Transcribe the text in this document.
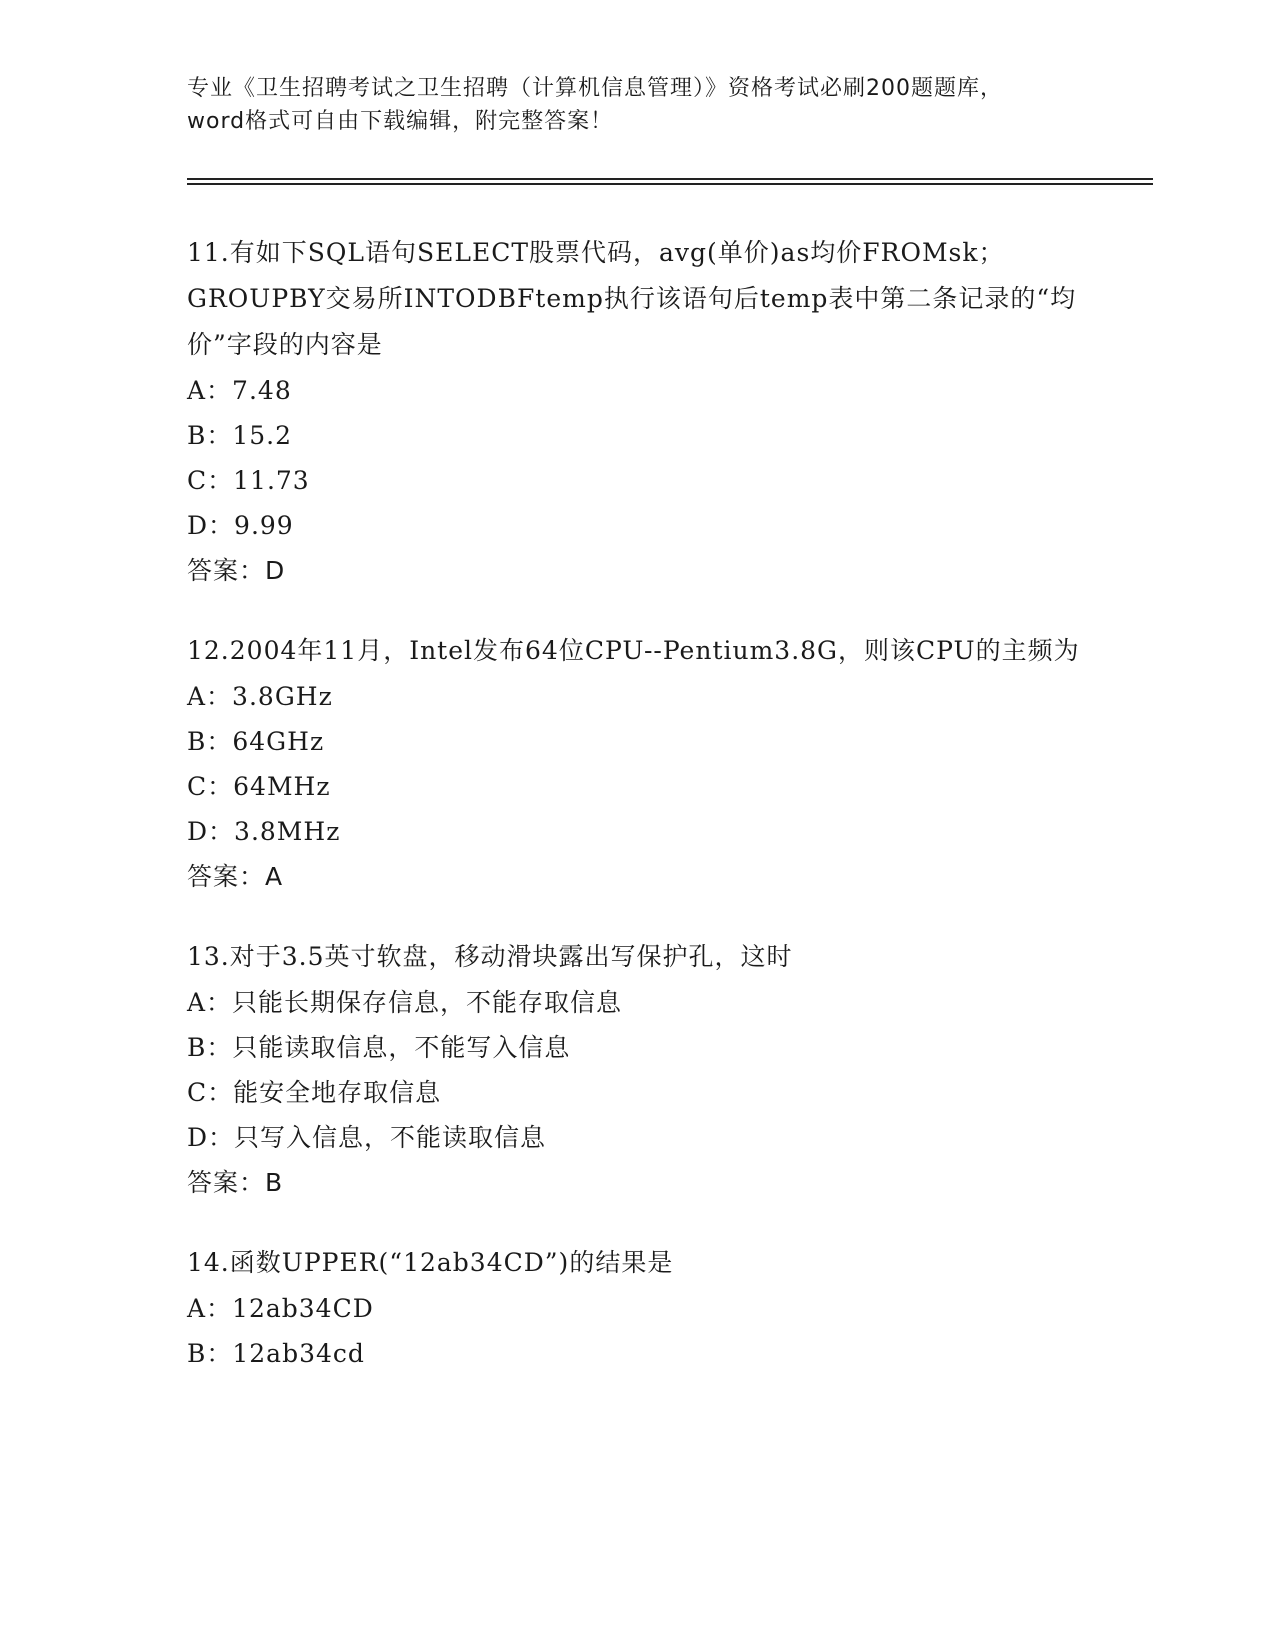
专业《卫生招聘考试之卫生招聘（计算机信息管理）》资格考试必刷200题题库，
word格式可自由下载编辑，附完整答案！
11.有如下SQL语句SELECT股票代码，avg(单价)as均价FROMsk；GROUPBY交易所INTODBFtemp执行该语句后temp表中第二条记录的“均价”字段的内容是
A：7.48
B：15.2
C：11.73
D：9.99
答案：D
12.2004年11月，Intel发布64位CPU--Pentium3.8G，则该CPU的主频为
A：3.8GHz
B：64GHz
C：64MHz
D：3.8MHz
答案：A
13.对于3.5英寸软盘，移动滑块露出写保护孔，这时
A：只能长期保存信息，不能存取信息
B：只能读取信息，不能写入信息
C：能安全地存取信息
D：只写入信息，不能读取信息
答案：B
14.函数UPPER(“12ab34CD”)的结果是
A：12ab34CD
B：12ab34cd
